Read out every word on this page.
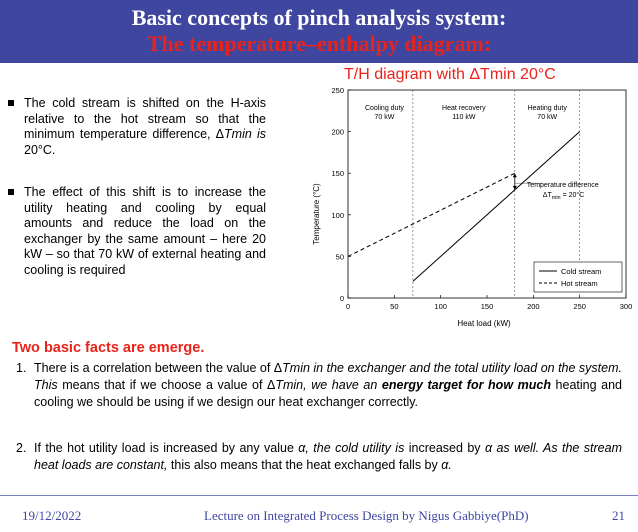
Basic concepts of pinch analysis system:
The temperature–enthalpy diagram:
T/H diagram with ΔTmin 20°C
The cold stream is shifted on the H-axis relative to the hot stream so that the minimum temperature difference, ΔTmin is 20°C.
The effect of this shift is to increase the utility heating and cooling by equal amounts and reduce the load on the exchanger by the same amount – here 20 kW – so that 70 kW of external heating and cooling is required
0	50	100	150	200	250	300
0
50
100
150
200
250
Heat load (kW)
Temperature (°C)
Cooling duty
70 kW
Heat recovery
110 kW
Heating duty
70 kW
Temperature difference
$\Delta T_{min} = 20^\circ C$
Cold stream
Hot stream
Two basic facts are emerge.
1. There is a correlation between the value of ΔTmin in the exchanger and the total utility load on the system. This means that if we choose a value of ΔTmin, we have an energy target for how much heating and cooling we should be using if we design our heat exchanger correctly.
2. If the hot utility load is increased by any value α, the cold utility is increased by α as well. As the stream heat loads are constant, this also means that the heat exchanged falls by α.
19/12/2022	Lecture on Integrated Process Design by Nigus Gabbiye(PhD)	21
